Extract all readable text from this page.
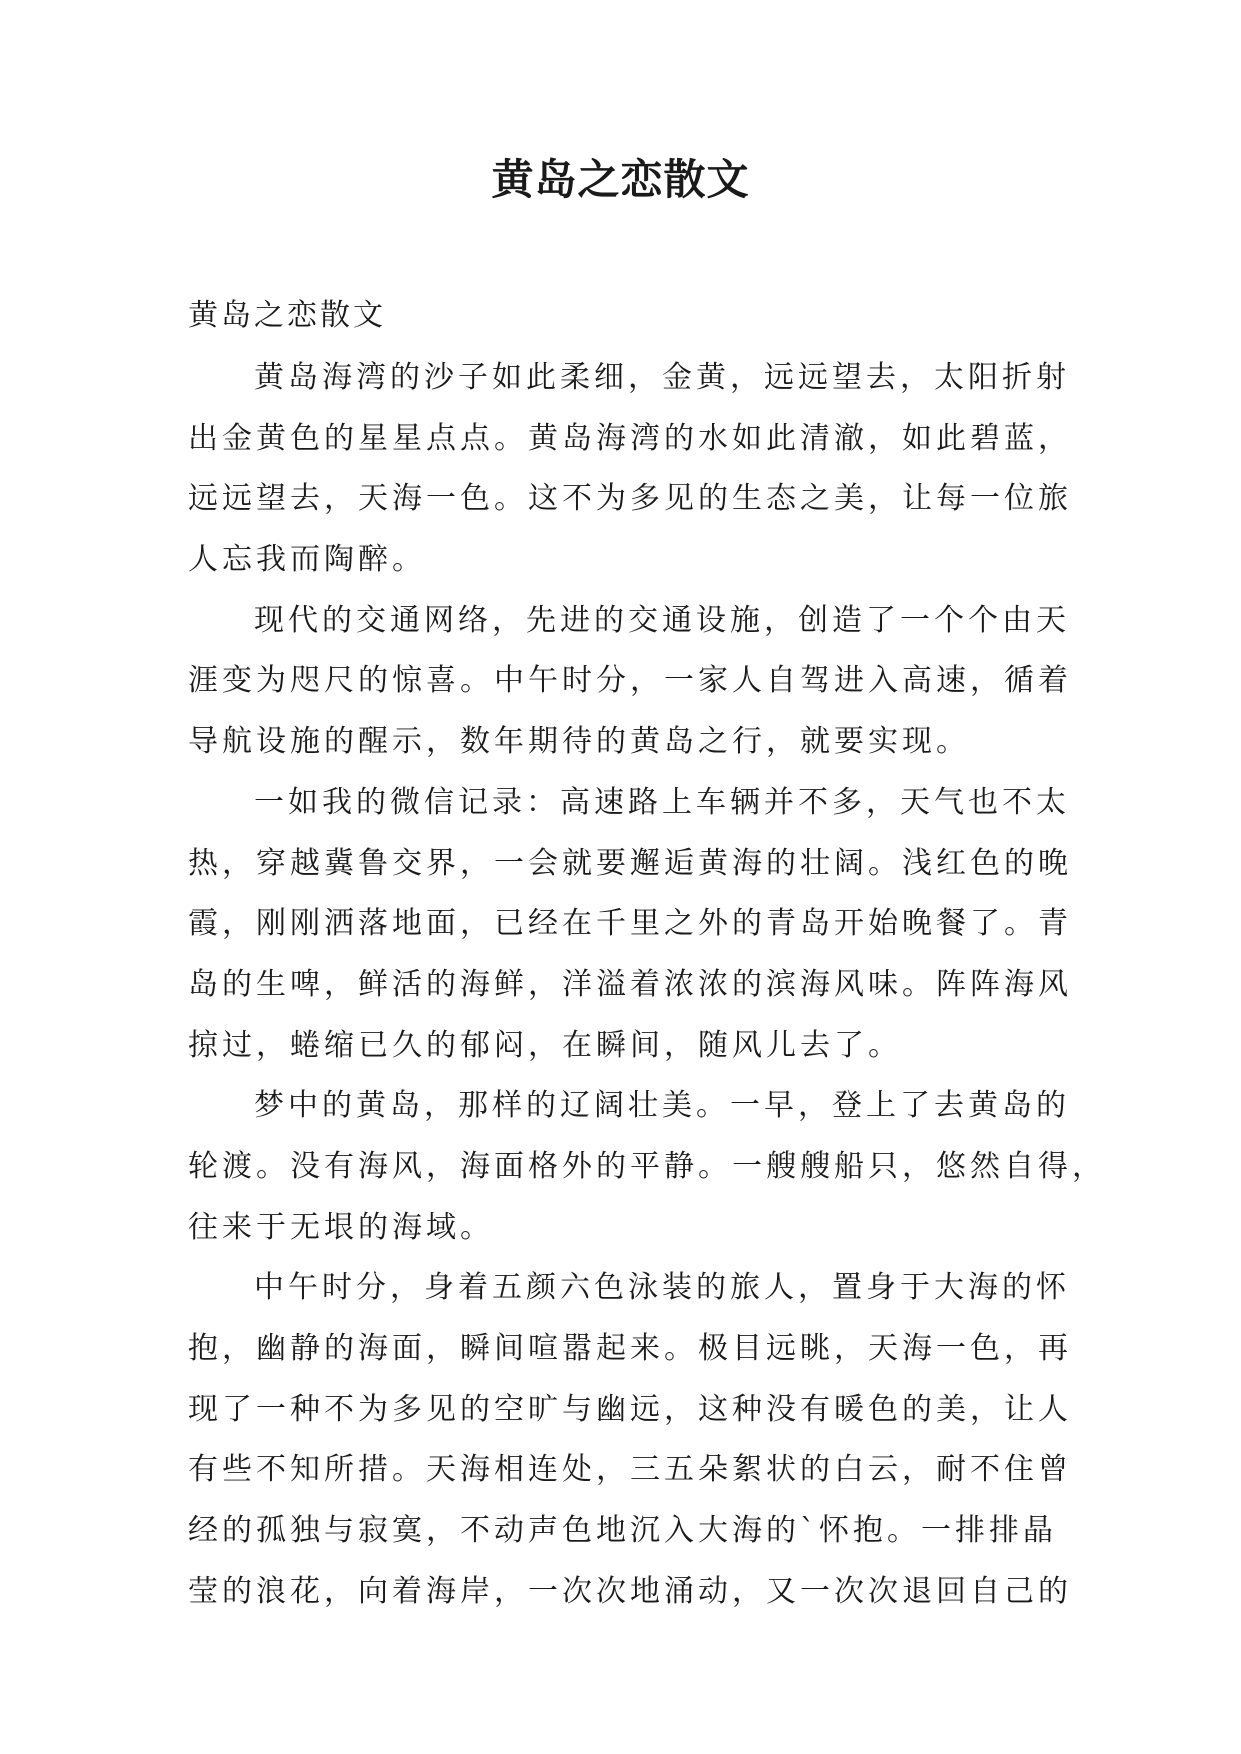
黄岛之恋散文

黄岛之恋散文

黄岛海湾的沙子如此柔细，金黄，远远望去，太阳折射

出金黄色的星星点点。黄岛海湾的水如此清澈，如此碧蓝，

远远望去，天海一色。这不为多见的生态之美，让每一位旅

人忘我而陶醉。

现代的交通网络，先进的交通设施，创造了一个个由天

涯变为咫尺的惊喜。中午时分，一家人自驾进入高速，循着

导航设施的醒示，数年期待的黄岛之行，就要实现。

一如我的微信记录：高速路上车辆并不多，天气也不太

热，穿越冀鲁交界，一会就要邂逅黄海的壮阔。浅红色的晚

霞，刚刚洒落地面，已经在千里之外的青岛开始晚餐了。青

岛的生啤，鲜活的海鲜，洋溢着浓浓的滨海风味。阵阵海风

掠过，蜷缩已久的郁闷，在瞬间，随风儿去了。

梦中的黄岛，那样的辽阔壮美。一早，登上了去黄岛的

轮渡。没有海风，海面格外的平静。一艘艘船只，悠然自得，

往来于无垠的海域。

中午时分，身着五颜六色泳装的旅人，置身于大海的怀

抱，幽静的海面，瞬间喧嚣起来。极目远眺，天海一色，再

现了一种不为多见的空旷与幽远，这种没有暖色的美，让人

有些不知所措。天海相连处，三五朵絮状的白云，耐不住曾

经的孤独与寂寞，不动声色地沉入大海的`怀抱。一排排晶

莹的浪花，向着海岸，一次次地涌动，又一次次退回自己的
